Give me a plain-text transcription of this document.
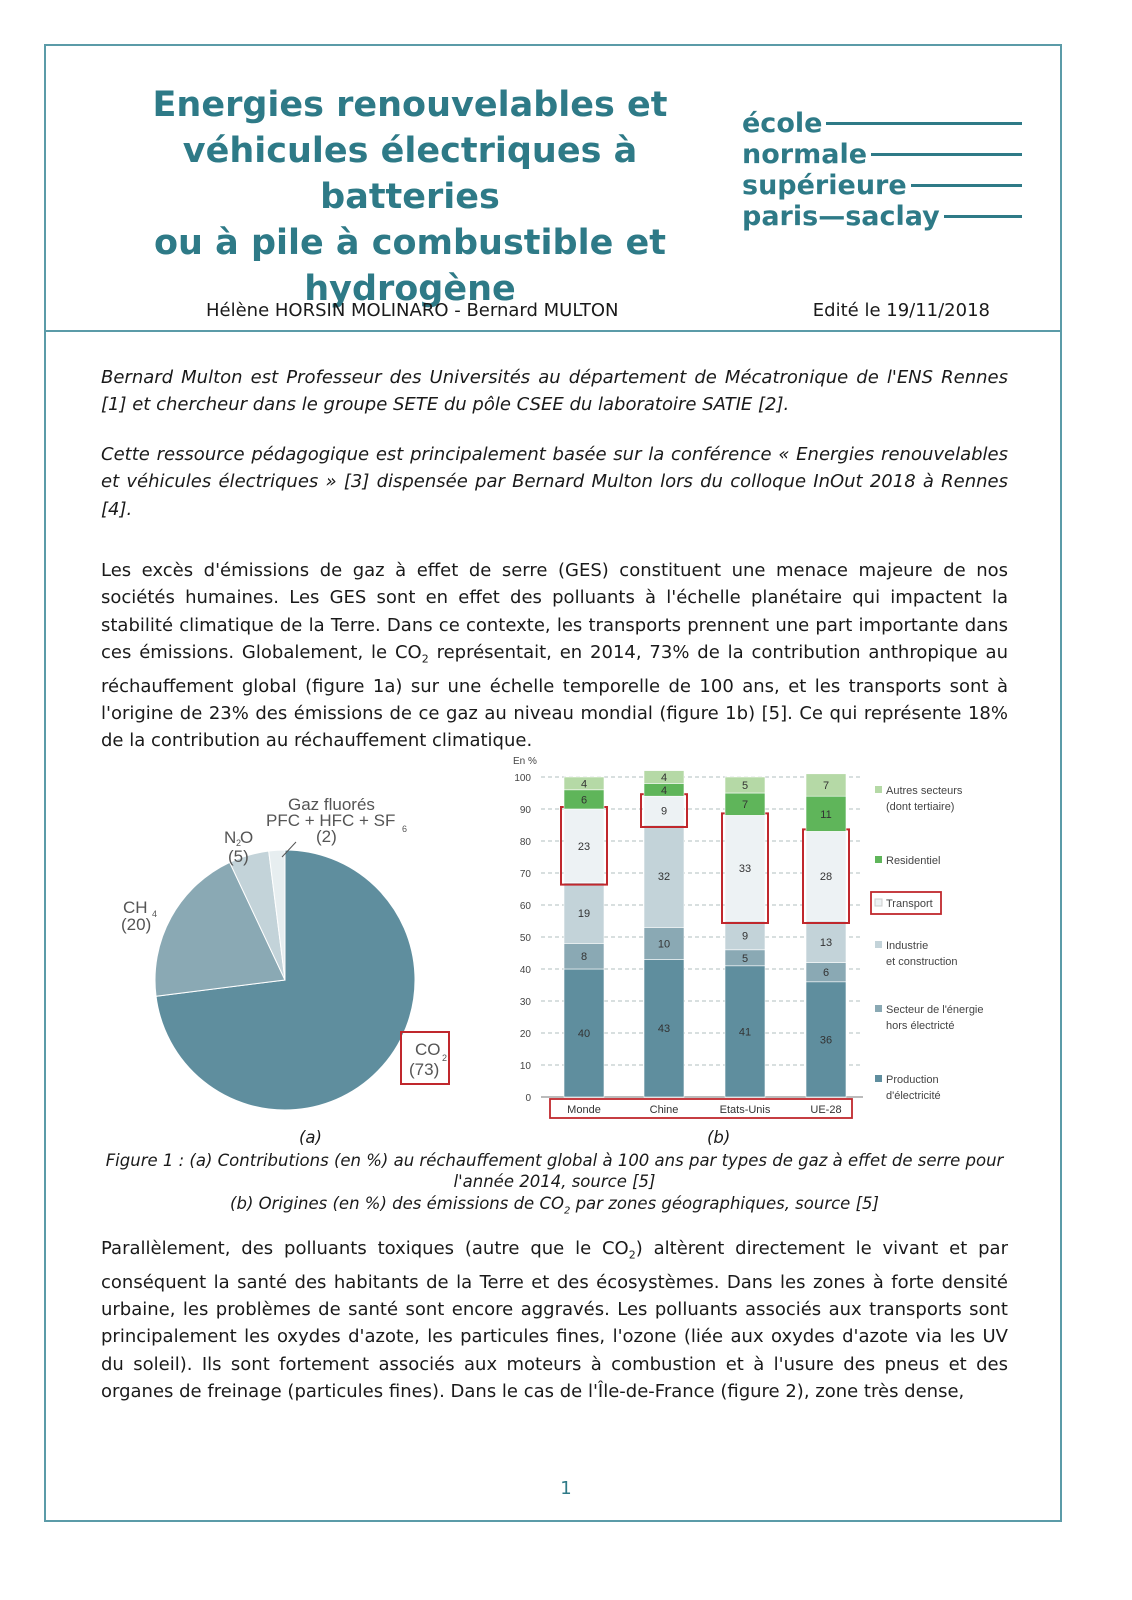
Energies renouvelables et
véhicules électriques à batteries
ou à pile à combustible et
hydrogène
école
normale
supérieure
paris—saclay
Hélène HORSIN MOLINARO - Bernard MULTON	Edité le 19/11/2018

Bernard Multon est Professeur des Universités au département de Mécatronique de l'ENS Rennes [1] et chercheur dans le groupe SETE du pôle CSEE du laboratoire SATIE [2].

Cette ressource pédagogique est principalement basée sur la conférence « Energies renouvelables et véhicules électriques » [3] dispensée par Bernard Multon lors du colloque InOut 2018 à Rennes [4].

Les excès d'émissions de gaz à effet de serre (GES) constituent une menace majeure de nos sociétés humaines. Les GES sont en effet des polluants à l'échelle planétaire qui impactent la stabilité climatique de la Terre. Dans ce contexte, les transports prennent une part importante dans ces émissions. Globalement, le $CO_2$ représentait, en 2014, 73% de la contribution anthropique au réchauffement global (figure 1a) sur une échelle temporelle de 100 ans, et les transports sont à l'origine de 23% des émissions de ce gaz au niveau mondial (figure 1b) [5]. Ce qui représente 18% de la contribution au réchauffement climatique.

CO 2
(73)
CH 4
(20)
N 2
O
(5)
Gaz fluorés
PFC + HFC + SF 6
(2)
En %
0
10
20
30
40
50
60
70
80
90
100
40
8
19
23
6
4
43
10
32
9
4
4
41
5
9
33
7
5
36
6
13
28
11
7
Monde	Chine	Etats-Unis	UE-28
Production
d'électricité
Secteur de l'énergie
hors électricté
Industrie
et construction
Transport
Residentiel
Autres secteurs
(dont tertiaire)
(a)	(b)
Figure 1 : (a) Contributions (en %) au réchauffement global à 100 ans par types de gaz à effet de serre pour l'année 2014, source [5]
(b) Origines (en %) des émissions de $CO_2$ par zones géographiques, source [5]

Parallèlement, des polluants toxiques (autre que le $CO_2$) altèrent directement le vivant et par conséquent la santé des habitants de la Terre et des écosystèmes. Dans les zones à forte densité urbaine, les problèmes de santé sont encore aggravés. Les polluants associés aux transports sont principalement les oxydes d'azote, les particules fines, l'ozone (liée aux oxydes d'azote via les UV du soleil). Ils sont fortement associés aux moteurs à combustion et à l'usure des pneus et des organes de freinage (particules fines). Dans le cas de l'Île-de-France (figure 2), zone très dense,

1
